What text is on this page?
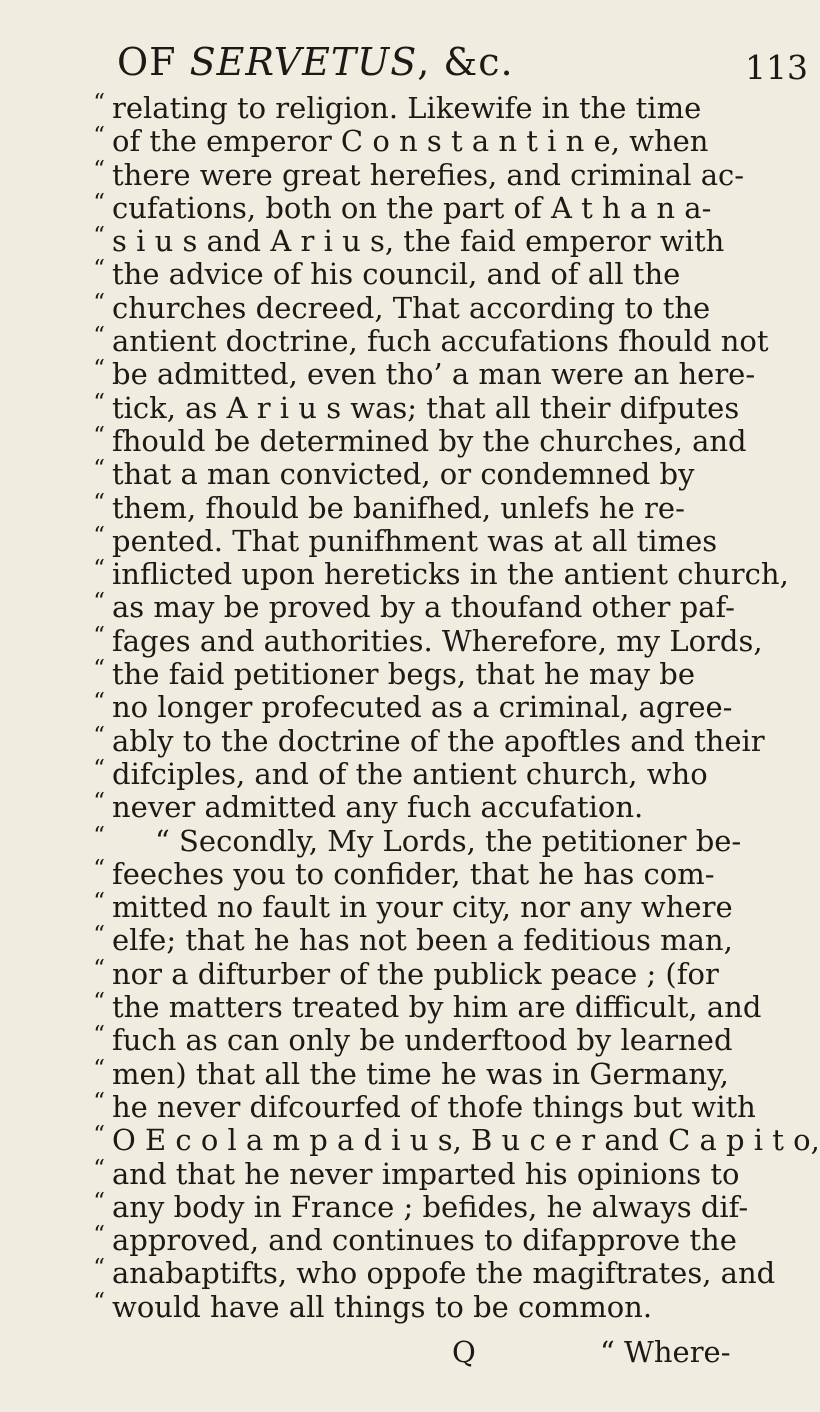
OF SERVETUS, &c.	113
“ relating to religion. Likewife in the time
“ of the emperor C o n s t a n t i n e, when
“ there were great herefies, and criminal ac-
“ cufations, both on the part of A t h a n a-
“ s i u s and A r i u s, the faid emperor with
“ the advice of his council, and of all the
“ churches decreed, That according to the
“ antient doctrine, fuch accufations fhould not
“ be admitted, even tho’ a man were an here-
“ tick, as A r i u s was; that all their difputes
“ fhould be determined by the churches, and
“ that a man convicted, or condemned by
“ them, fhould be banifhed, unlefs he re-
“ pented. That punifhment was at all times
“ inflicted upon hereticks in the antient church,
“ as may be proved by a thoufand other paf-
“ fages and authorities. Wherefore, my Lords,
“ the faid petitioner begs, that he may be
“ no longer profecuted as a criminal, agree-
“ ably to the doctrine of the apoftles and their
“ difciples, and of the antient church, who
“ never admitted any fuch accufation.
“ “ Secondly, My Lords, the petitioner be-
“ feeches you to confider, that he has com-
“ mitted no fault in your city, nor any where
“ elfe; that he has not been a feditious man,
“ nor a difturber of the publick peace ; (for
“ the matters treated by him are difficult, and
“ fuch as can only be underftood by learned
“ men) that all the time he was in Germany,
“ he never difcourfed of thofe things but with
“ O E c o l a m p a d i u s, B u c e r and C a p i t o,
“ and that he never imparted his opinions to
“ any body in France ; befides, he always dif-
“ approved, and continues to difapprove the
“ anabaptifts, who oppofe the magiftrates, and
“ would have all things to be common.
Q	“ Where-
